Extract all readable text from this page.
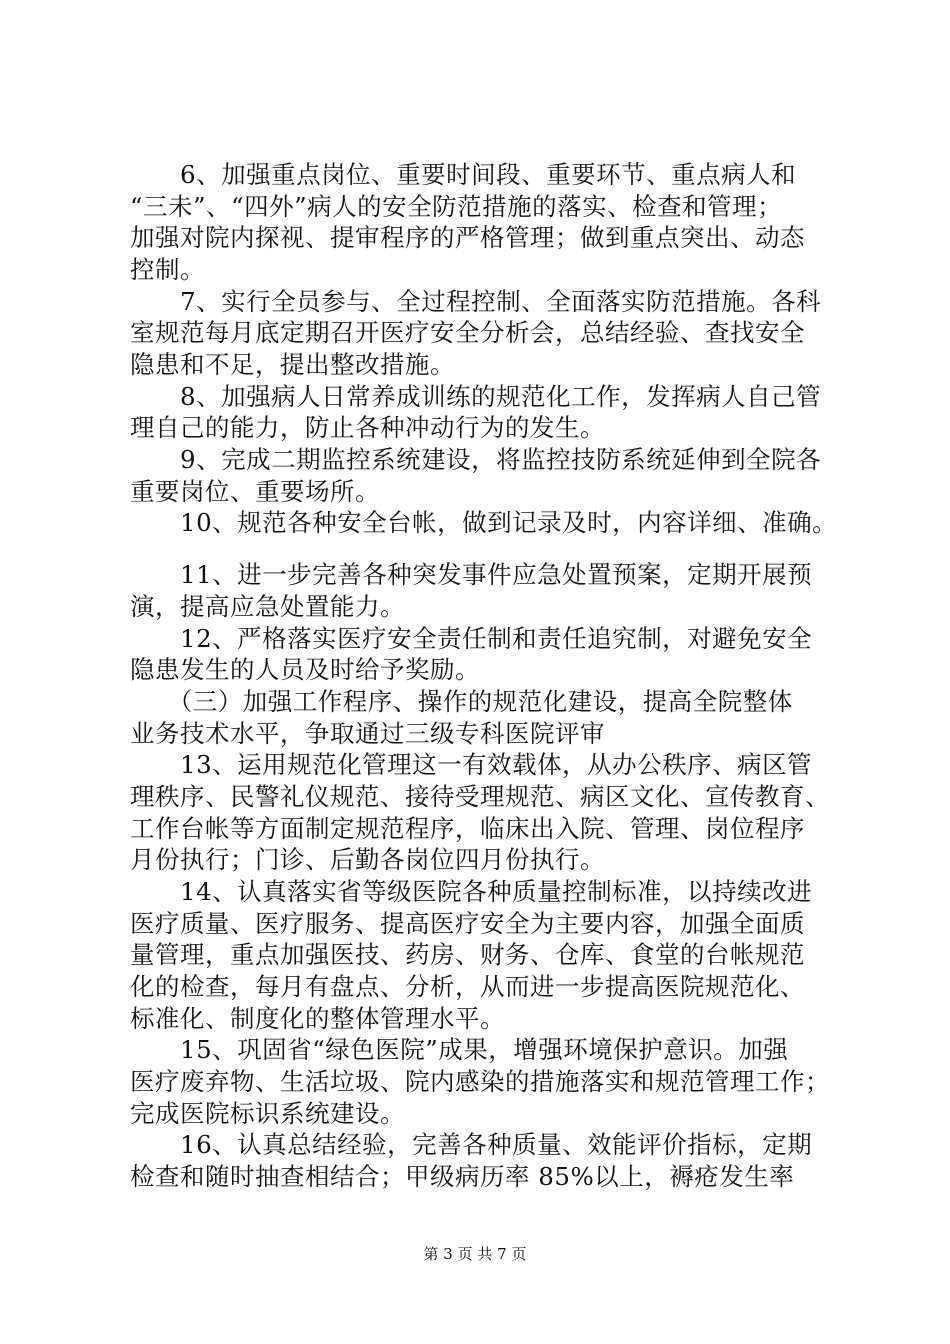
　　6、加强重点岗位、重要时间段、重要环节、重点病人和
“三未”、“四外”病人的安全防范措施的落实、检查和管理；
加强对院内探视、提审程序的严格管理；做到重点突出、动态
控制。
　　7、实行全员参与、全过程控制、全面落实防范措施。各科
室规范每月底定期召开医疗安全分析会，总结经验、查找安全
隐患和不足，提出整改措施。
　　8、加强病人日常养成训练的规范化工作，发挥病人自己管
理自己的能力，防止各种冲动行为的发生。
　　9、完成二期监控系统建设，将监控技防系统延伸到全院各
重要岗位、重要场所。
　　10、规范各种安全台帐，做到记录及时，内容详细、准确。
　　11、进一步完善各种突发事件应急处置预案，定期开展预
演，提高应急处置能力。
　　12、严格落实医疗安全责任制和责任追究制，对避免安全
隐患发生的人员及时给予奖励。
　　（三）加强工作程序、操作的规范化建设，提高全院整体
业务技术水平，争取通过三级专科医院评审
　　13、运用规范化管理这一有效载体，从办公秩序、病区管
理秩序、民警礼仪规范、接待受理规范、病区文化、宣传教育、
工作台帐等方面制定规范程序，临床出入院、管理、岗位程序
月份执行；门诊、后勤各岗位四月份执行。
　　14、认真落实省等级医院各种质量控制标准，以持续改进
医疗质量、医疗服务、提高医疗安全为主要内容，加强全面质
量管理，重点加强医技、药房、财务、仓库、食堂的台帐规范
化的检查，每月有盘点、分析，从而进一步提高医院规范化、
标准化、制度化的整体管理水平。
　　15、巩固省“绿色医院”成果，增强环境保护意识。加强
医疗废弃物、生活垃圾、院内感染的措施落实和规范管理工作；
完成医院标识系统建设。
　　16、认真总结经验，完善各种质量、效能评价指标，定期
检查和随时抽查相结合；甲级病历率 85%以上，褥疮发生率
第 3 页 共 7 页
